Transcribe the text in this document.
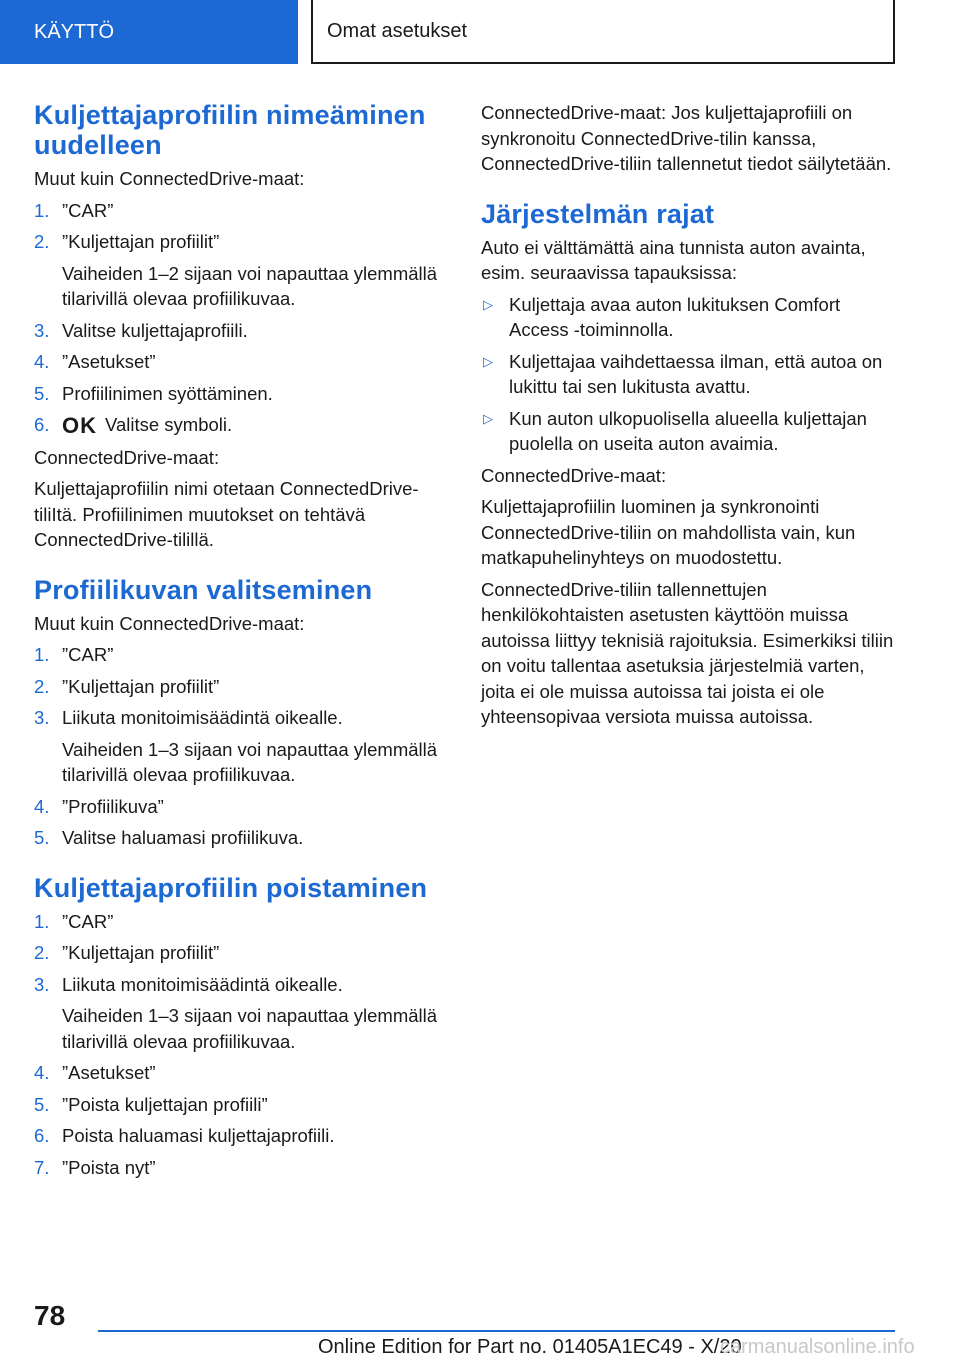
KÄYTTÖ	Omat asetukset
Kuljettajaprofiilin nimeäminen uudelleen

Muut kuin ConnectedDrive-maat:

1. ”CAR”
2. ”Kuljettajan profiilit”
Vaiheiden 1–2 sijaan voi napauttaa ylemmällä tilarivillä olevaa profiilikuvaa.
3. Valitse kuljettajaprofiili.
4. ”Asetukset”
5. Profiilinimen syöttäminen.
6. OK Valitse symboli.

ConnectedDrive-maat:

Kuljettajaprofiilin nimi otetaan ConnectedDrive-tiliItä. Profiilinimen muutokset on tehtävä ConnectedDrive-tilillä.

Profiilikuvan valitseminen

Muut kuin ConnectedDrive-maat:

1. ”CAR”
2. ”Kuljettajan profiilit”
3. Liikuta monitoimisäädintä oikealle.
Vaiheiden 1–3 sijaan voi napauttaa ylemmällä tilarivillä olevaa profiilikuvaa.
4. ”Profiilikuva”
5. Valitse haluamasi profiilikuva.
Kuljettajaprofiilin poistaminen
1. ”CAR”
2. ”Kuljettajan profiilit”
3. Liikuta monitoimisäädintä oikealle.
Vaiheiden 1–3 sijaan voi napauttaa ylemmällä tilarivillä olevaa profiilikuvaa.
4. ”Asetukset”
5. ”Poista kuljettajan profiili”
6. Poista haluamasi kuljettajaprofiili.
7. ”Poista nyt”

ConnectedDrive-maat: Jos kuljettajaprofiili on synkronoitu ConnectedDrive-tilin kanssa, ConnectedDrive-tiliin tallennetut tiedot säilytetään.

Järjestelmän rajat

Auto ei välttämättä aina tunnista auton avainta, esim. seuraavissa tapauksissa:

▷ Kuljettaja avaa auton lukituksen Comfort Access -toiminnolla.
▷ Kuljettajaa vaihdettaessa ilman, että autoa on lukittu tai sen lukitusta avattu.
▷ Kun auton ulkopuolisella alueella kuljettajan puolella on useita auton avaimia.

ConnectedDrive-maat:

Kuljettajaprofiilin luominen ja synkronointi ConnectedDrive-tiliin on mahdollista vain, kun matkapuhelinyhteys on muodostettu.

ConnectedDrive-tiliin tallennettujen henkilökohtaisten asetusten käyttöön muissa autoissa liittyy teknisiä rajoituksia. Esimerkiksi tiliin on voitu tallentaa asetuksia järjestelmiä varten, joita ei ole muissa autoissa tai joista ei ole yhteensopivaa versiota muissa autoissa.

78
Online Edition for Part no. 01405A1EC49 - X/20
carmanualsonline.info
